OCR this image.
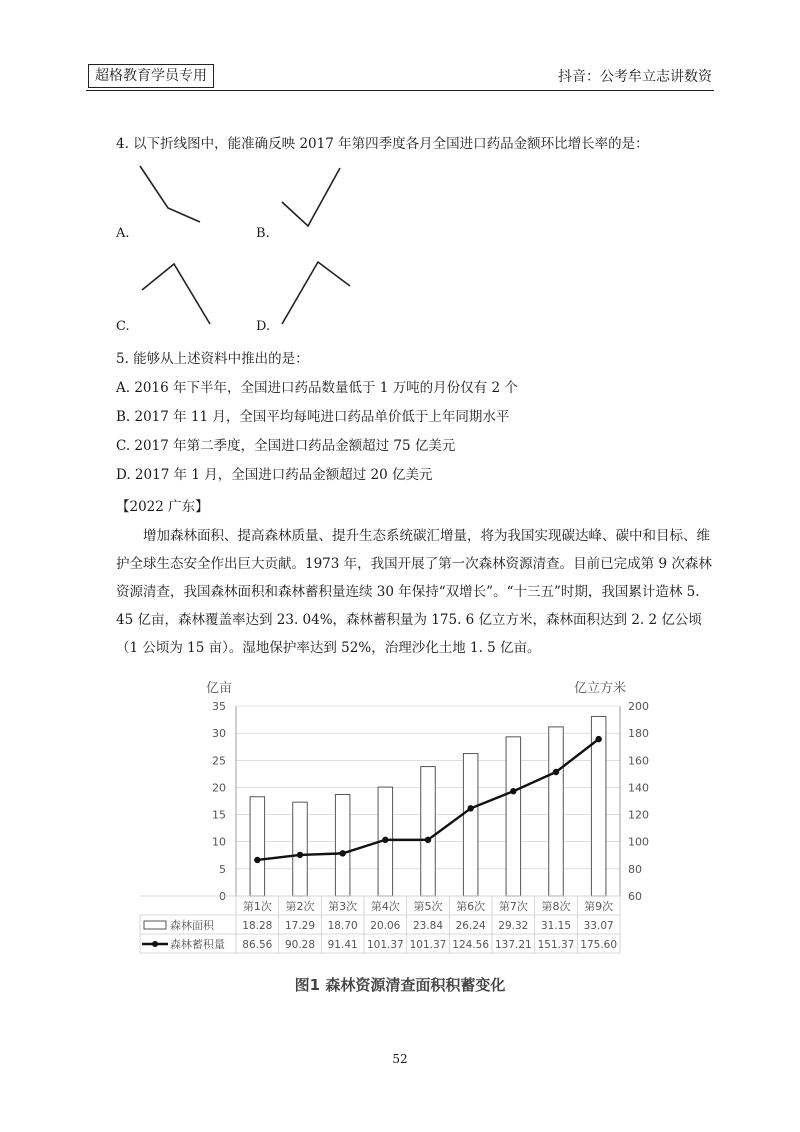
超格教育学员专用	抖音：公考牟立志讲数资
4. 以下折线图中，能准确反映 2017 年第四季度各月全国进口药品金额环比增长率的是：
A.	B.
C.	D.
5. 能够从上述资料中推出的是：
A. 2016 年下半年，全国进口药品数量低于 1 万吨的月份仅有 2 个
B. 2017 年 11 月，全国平均每吨进口药品单价低于上年同期水平
C. 2017 年第二季度，全国进口药品金额超过 75 亿美元
D. 2017 年 1 月，全国进口药品金额超过 20 亿美元
【2022 广东】

增加森林面积、提高森林质量、提升生态系统碳汇增量，将为我国实现碳达峰、碳中和目标、维护全球生态安全作出巨大贡献。1973 年，我国开展了第一次森林资源清查。目前已完成第 9 次森林资源清查，我国森林面积和森林蓄积量连续 30 年保持“双增长”。“十三五”时期，我国累计造林 5. 45 亿亩，森林覆盖率达到 23. 04%，森林蓄积量为 175. 6 亿立方米，森林面积达到 2. 2 亿公顷（1 公顷为 15 亩）。湿地保护率达到 52%，治理沙化土地 1. 5 亿亩。

亿亩	亿立方米
0
5
10
15
20
25
30
35
60
80
100
120
140
160
180
200
第1次 第2次 第3次 第4次 第5次 第6次 第7次 第8次 第9次
森林面积	18.28 17.29 18.70 20.06 23.84 26.24 29.32 31.15 33.07
森林蓄积量 86.56 90.28 91.41 101.37 101.37 124.56 137.21 151.37 175.60
图1 森林资源清查面积积蓄变化
52
